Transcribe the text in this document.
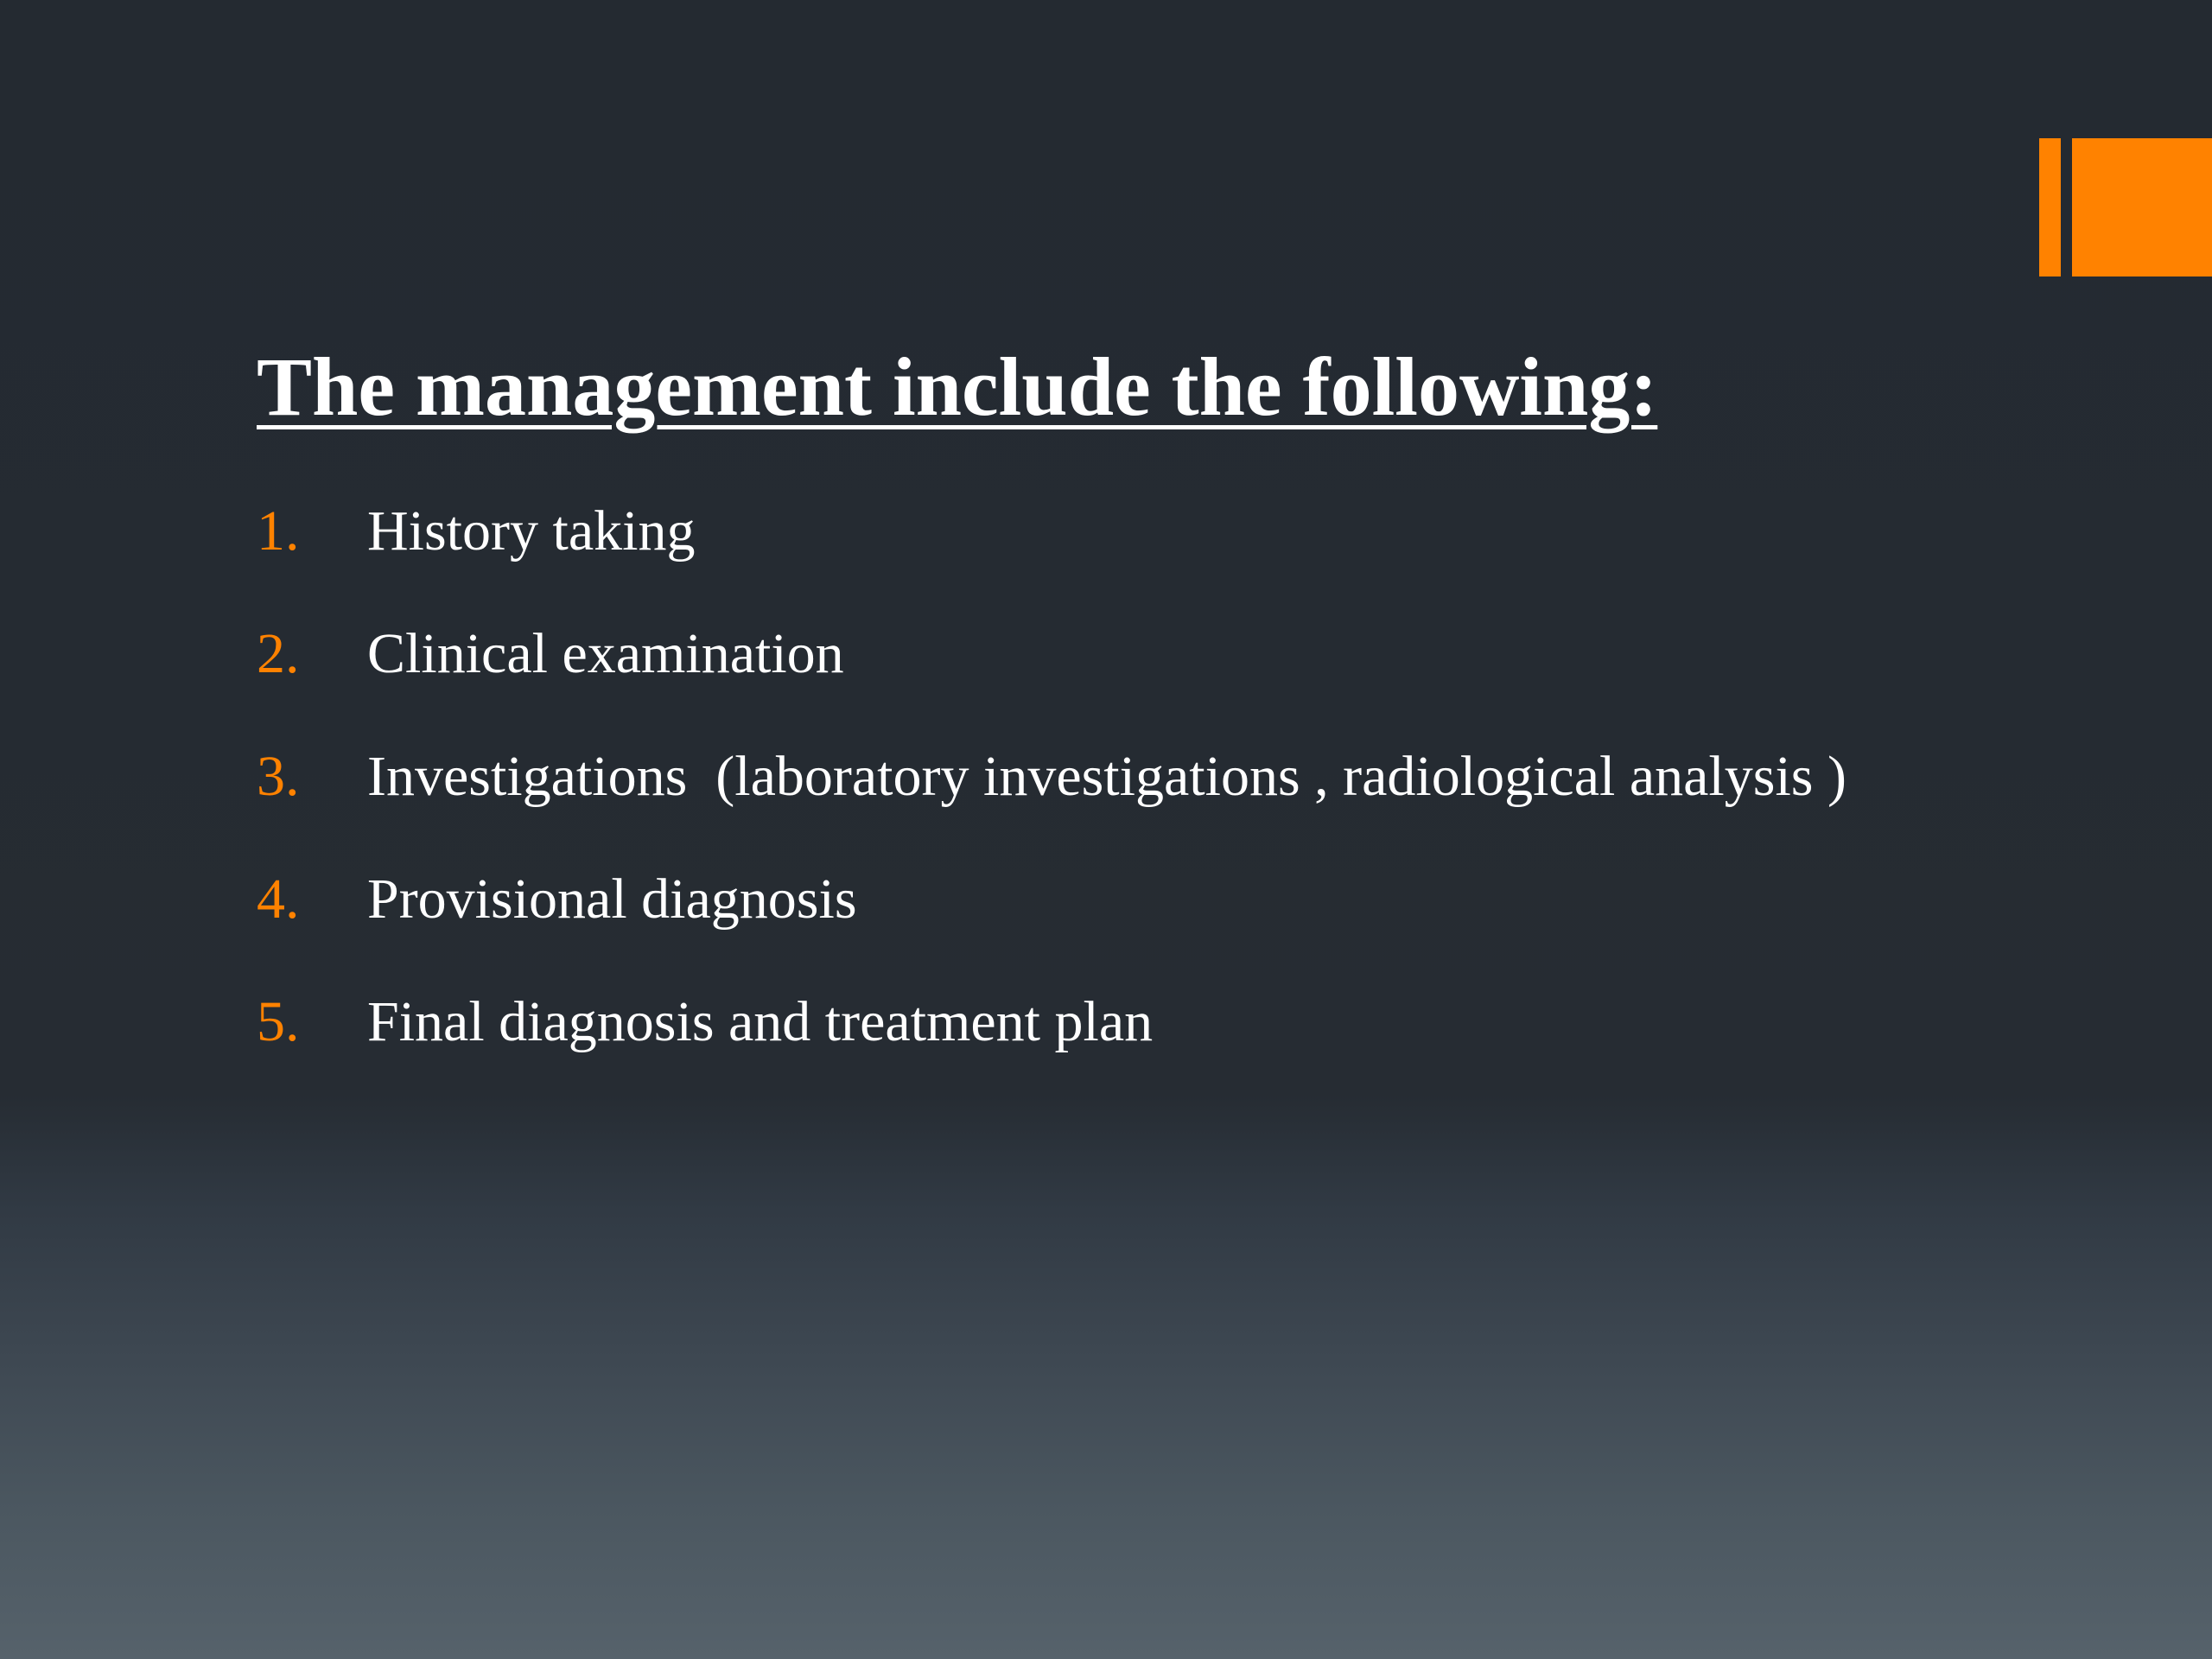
The management include the following:
1.	History taking
2.	Clinical examination
3.	Investigations  (laboratory investigations , radiological analysis )
4.	Provisional diagnosis
5.	Final diagnosis and treatment plan
